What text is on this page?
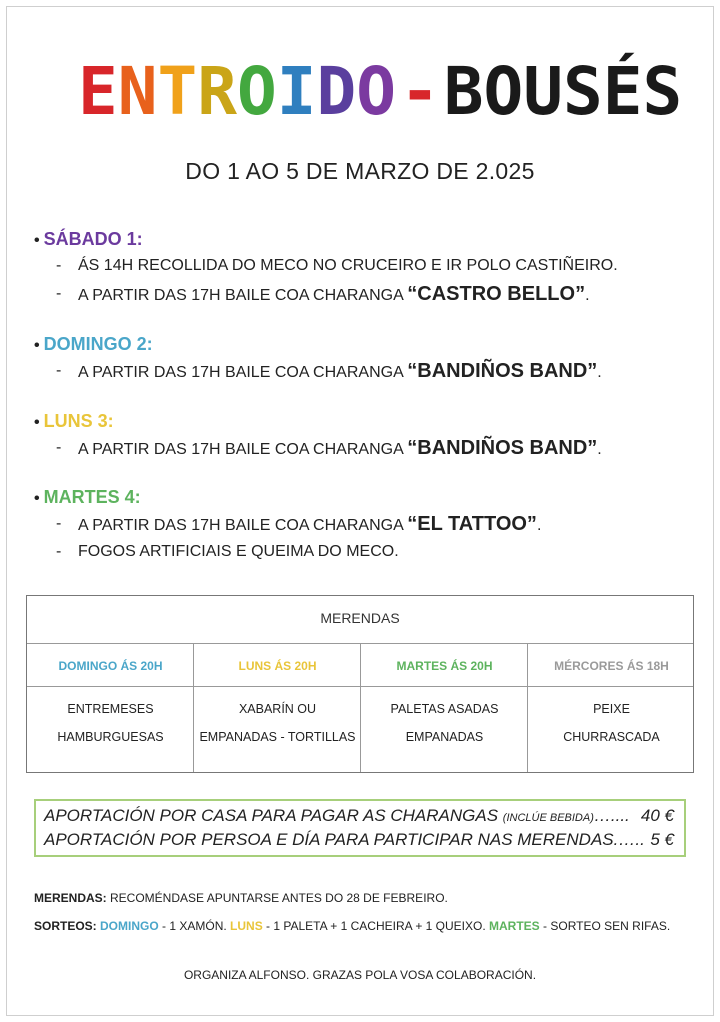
ENTROIDO-BOUSÉS
DO 1 AO 5 DE MARZO DE 2.025
• SÁBADO 1:
- ÁS 14H RECOLLIDA DO MECO NO CRUCEIRO E IR POLO CASTIÑEIRO.
- A PARTIR DAS 17H BAILE COA CHARANGA “CASTRO BELLO”.
• DOMINGO 2:
- A PARTIR DAS 17H BAILE COA CHARANGA “BANDIÑOS BAND”.
• LUNS 3:
- A PARTIR DAS 17H BAILE COA CHARANGA “BANDIÑOS BAND”.
• MARTES 4:
- A PARTIR DAS 17H BAILE COA CHARANGA “EL TATTOO”.
- FOGOS ARTIFICIAIS E QUEIMA DO MECO.
MERENDAS
DOMINGO ÁS 20H	LUNS ÁS 20H	MARTES ÁS 20H	MÉRCORES ÁS 18H
ENTREMESES	XABARÍN OU	PALETAS ASADAS	PEIXE
HAMBURGUESAS	EMPANADAS - TORTILLAS	EMPANADAS	CHURRASCADA
APORTACIÓN POR CASA PARA PAGAR AS CHARANGAS (INCLÚE BEBIDA)….... 40 €
APORTACIÓN POR PERSOA E DÍA PARA PARTICIPAR NAS MERENDAS.….. 5 €
MERENDAS: RECOMÉNDASE APUNTARSE ANTES DO 28 DE FEBREIRO.
SORTEOS: DOMINGO - 1 XAMÓN. LUNS - 1 PALETA + 1 CACHEIRA + 1 QUEIXO. MARTES - SORTEO SEN RIFAS.
ORGANIZA ALFONSO. GRAZAS POLA VOSA COLABORACIÓN.
